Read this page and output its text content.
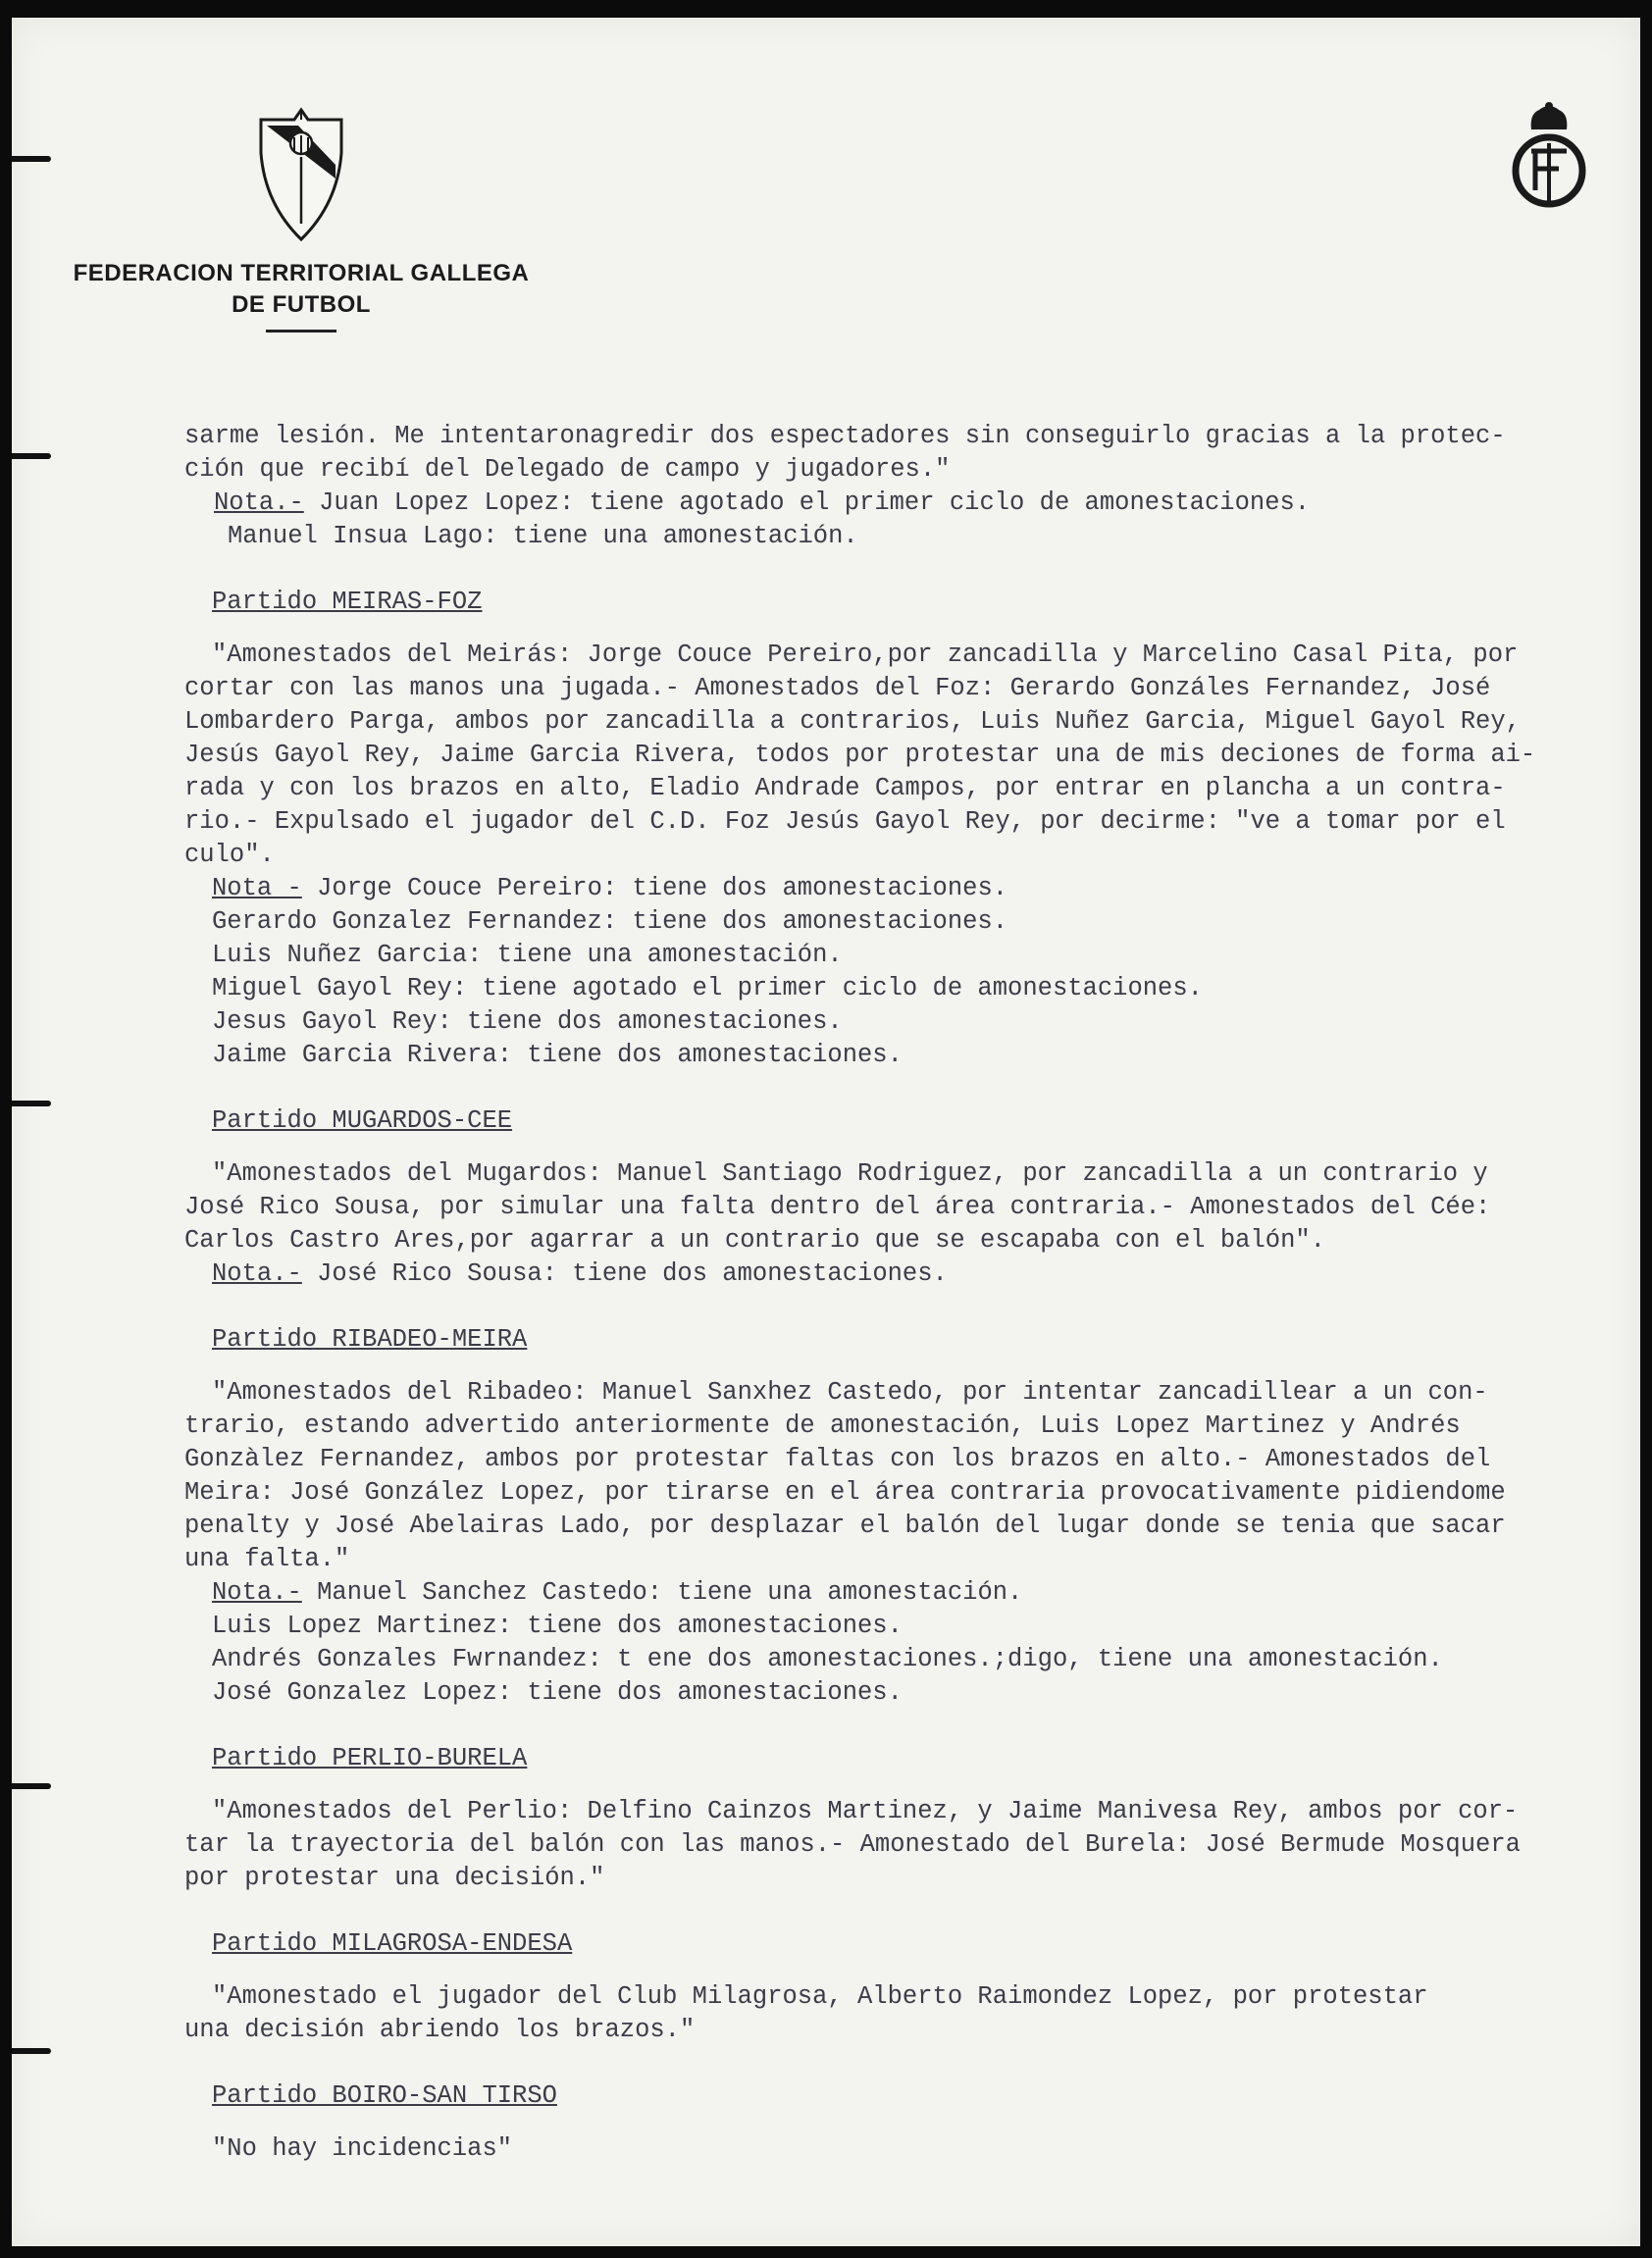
FEDERACION TERRITORIAL GALLEGA
DE FUTBOL

sarme lesión. Me intentaronagredir dos espectadores sin conseguirlo gracias a la protec-

ción que recibí del Delegado de campo y jugadores."

Nota.- Juan Lopez Lopez: tiene agotado el primer ciclo de amonestaciones.

Manuel Insua Lago: tiene una amonestación.

Partido MEIRAS-FOZ

"Amonestados del Meirás: Jorge Couce Pereiro,por zancadilla y Marcelino Casal Pita, por

cortar con las manos una jugada.- Amonestados del Foz: Gerardo Gonzáles Fernandez, José

Lombardero Parga, ambos por zancadilla a contrarios, Luis Nuñez Garcia, Miguel Gayol Rey,

Jesús Gayol Rey, Jaime Garcia Rivera, todos por protestar una de mis deciones de forma ai-

rada y con los brazos en alto, Eladio Andrade Campos, por entrar en plancha a un contra-

rio.- Expulsado el jugador del C.D. Foz Jesús Gayol Rey, por decirme: "ve a tomar por el

culo".

Nota - Jorge Couce Pereiro: tiene dos amonestaciones.

Gerardo Gonzalez Fernandez: tiene dos amonestaciones.

Luis Nuñez Garcia: tiene una amonestación.

Miguel Gayol Rey: tiene agotado el primer ciclo de amonestaciones.

Jesus Gayol Rey: tiene dos amonestaciones.

Jaime Garcia Rivera: tiene dos amonestaciones.

Partido MUGARDOS-CEE

"Amonestados del Mugardos: Manuel Santiago Rodriguez, por zancadilla a un contrario y

José Rico Sousa, por simular una falta dentro del área contraria.- Amonestados del Cée:

Carlos Castro Ares,por agarrar a un contrario que se escapaba con el balón".

Nota.- José Rico Sousa: tiene dos amonestaciones.

Partido RIBADEO-MEIRA

"Amonestados del Ribadeo: Manuel Sanxhez Castedo, por intentar zancadillear a un con-

trario, estando advertido anteriormente de amonestación, Luis Lopez Martinez y Andrés

Gonzàlez Fernandez, ambos por protestar faltas con los brazos en alto.- Amonestados del

Meira: José González Lopez, por tirarse en el área contraria provocativamente pidiendome

penalty y José Abelairas Lado, por desplazar el balón del lugar donde se tenia que sacar

una falta."

Nota.- Manuel Sanchez Castedo: tiene una amonestación.

Luis Lopez Martinez: tiene dos amonestaciones.

Andrés Gonzales Fwrnandez: t ene dos amonestaciones.;digo, tiene una amonestación.

José Gonzalez Lopez: tiene dos amonestaciones.

Partido PERLIO-BURELA

"Amonestados del Perlio: Delfino Cainzos Martinez, y Jaime Manivesa Rey, ambos por cor-

tar la trayectoria del balón con las manos.- Amonestado del Burela: José Bermude Mosquera

por protestar una decisión."

Partido MILAGROSA-ENDESA

"Amonestado el jugador del Club Milagrosa, Alberto Raimondez Lopez, por protestar

una decisión abriendo los brazos."

Partido BOIRO-SAN TIRSO

"No hay incidencias"
